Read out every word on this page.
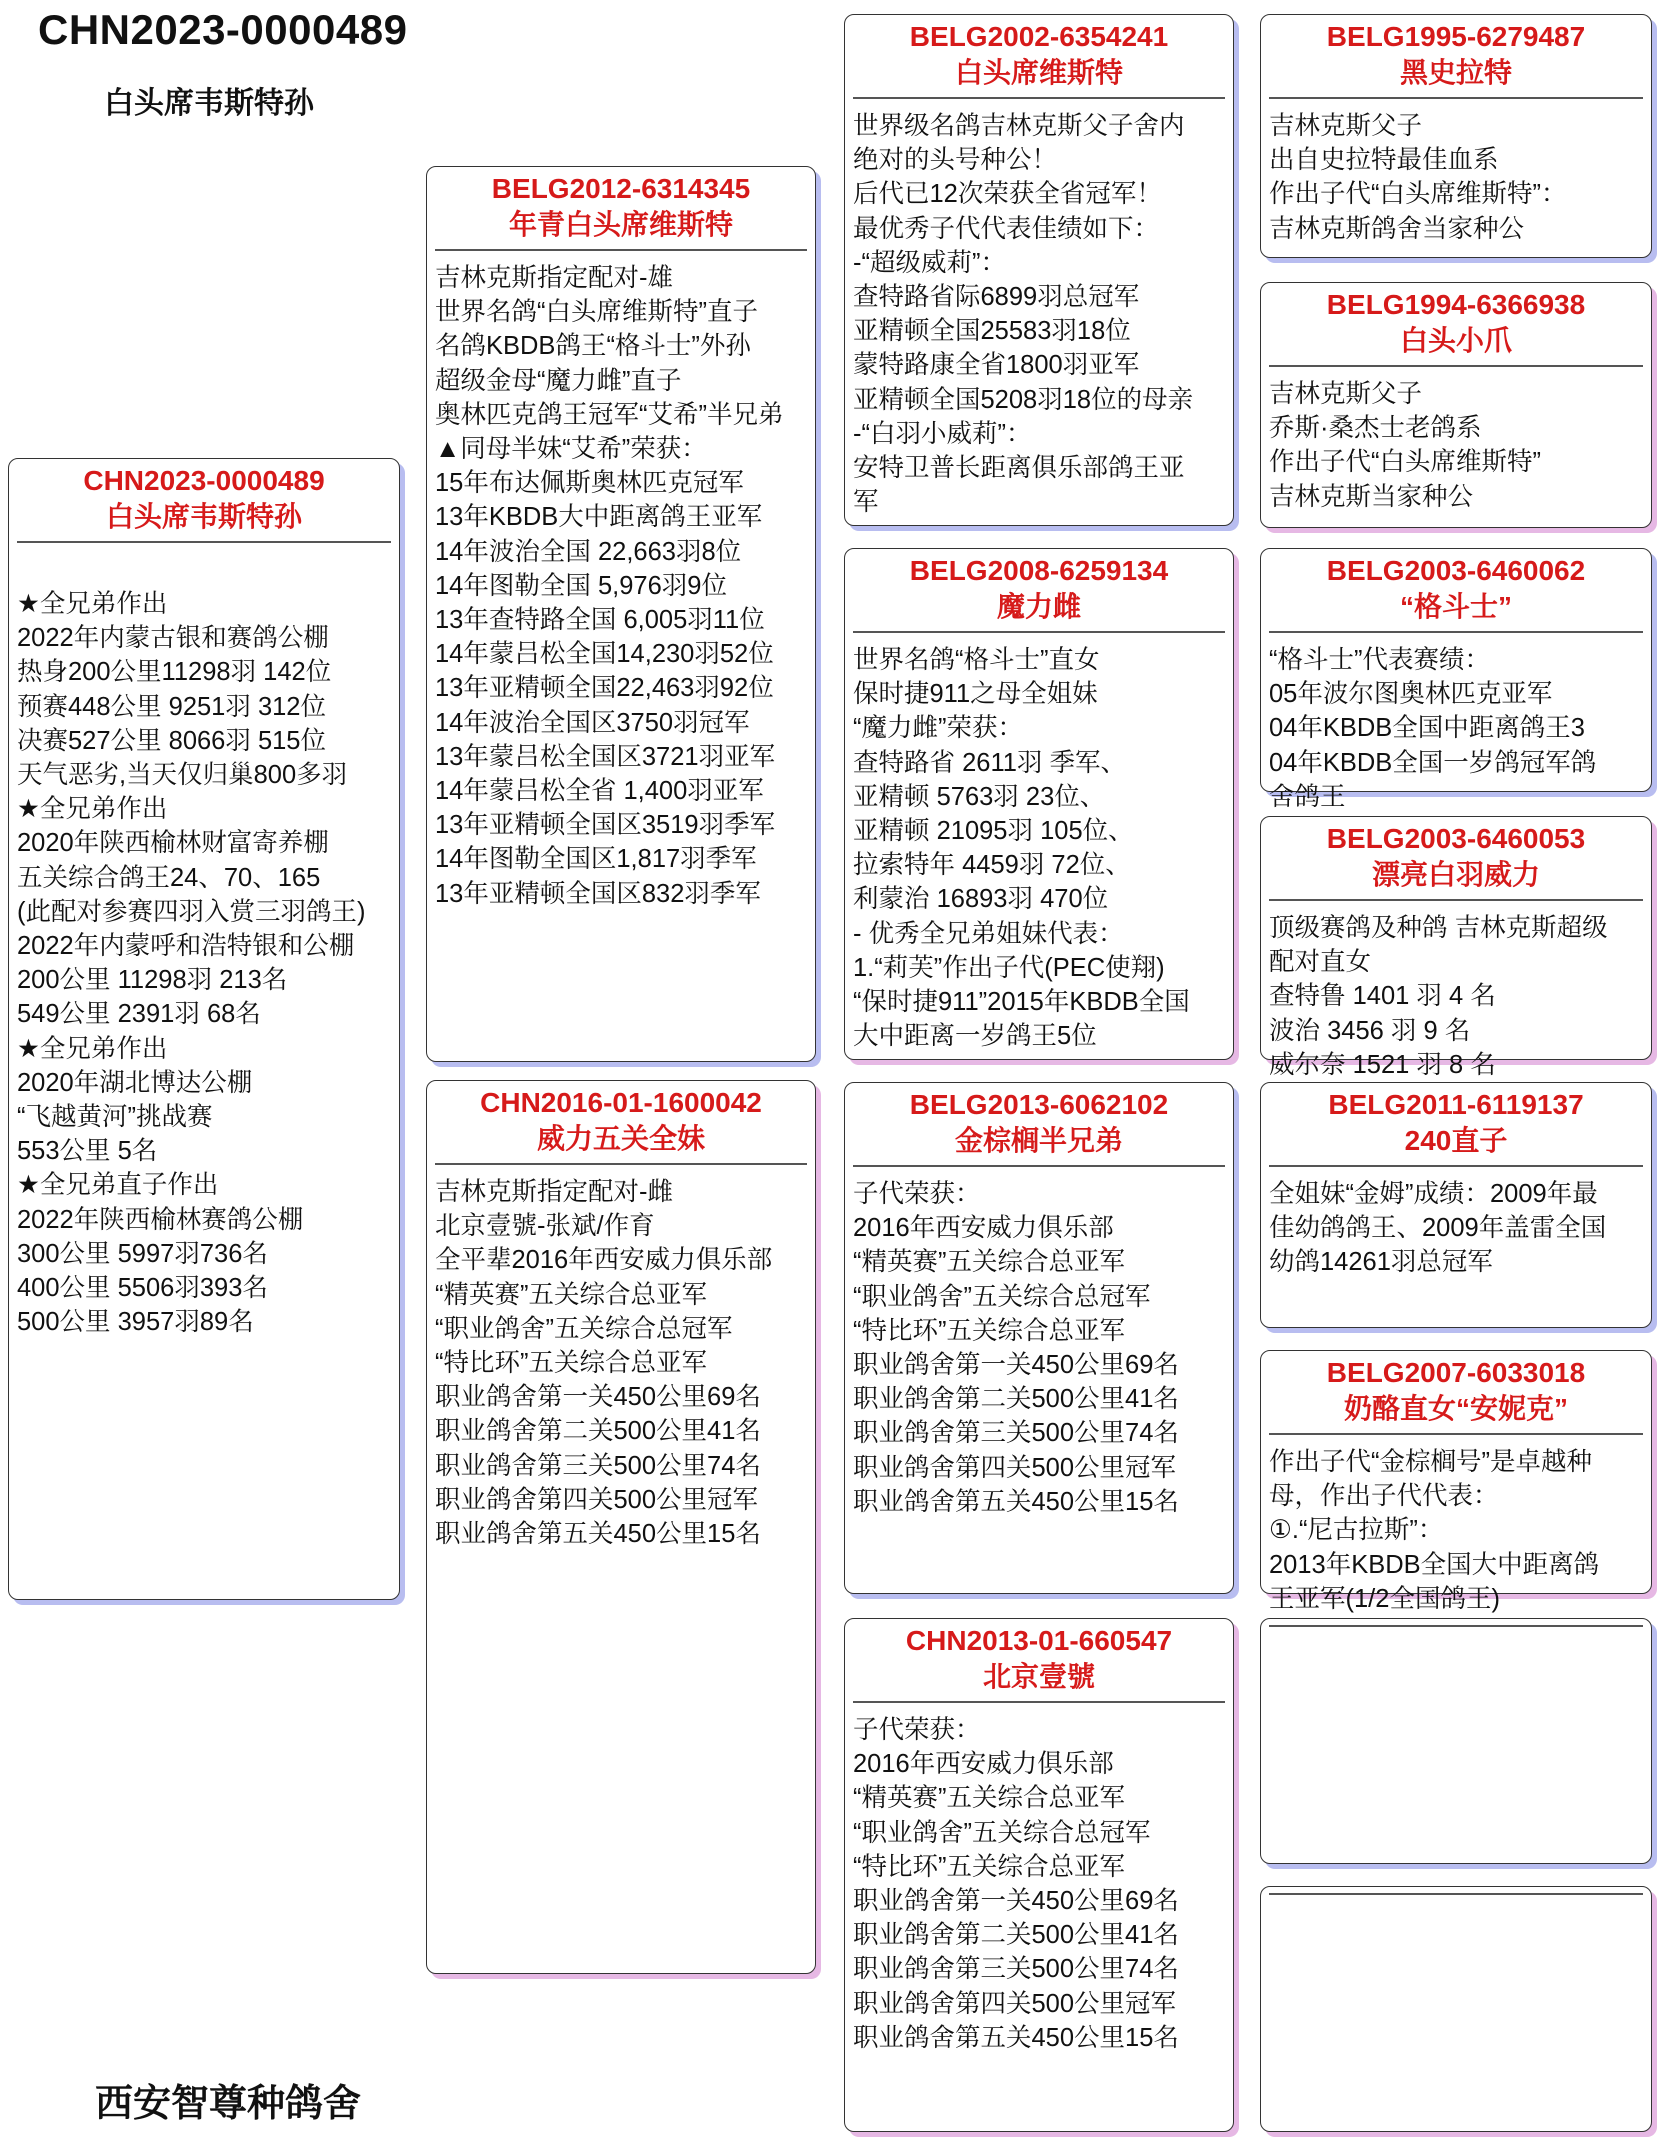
CHN2023-0000489
白头席韦斯特孙
CHN2023-0000489
白头席韦斯特孙
★全兄弟作出
2022年内蒙古银和赛鸽公棚
热身200公里11298羽 142位
预赛448公里 9251羽 312位
决赛527公里 8066羽 515位
天气恶劣,当天仅归巢800多羽
★全兄弟作出
2020年陕西榆林财富寄养棚
五关综合鸽王24、70、165
(此配对参赛四羽入赏三羽鸽王)
2022年内蒙呼和浩特银和公棚
200公里 11298羽 213名
549公里 2391羽 68名
★全兄弟作出
2020年湖北博达公棚
“飞越黄河”挑战赛
553公里 5名
★全兄弟直子作出
2022年陕西榆林赛鸽公棚
300公里 5997羽736名
400公里 5506羽393名
500公里 3957羽89名
BELG2012-6314345
年青白头席维斯特
吉林克斯指定配对-雄
世界名鸽“白头席维斯特”直子
名鸽KBDB鸽王“格斗士”外孙
超级金母“魔力雌”直子
奥林匹克鸽王冠军“艾希”半兄弟
▲同母半妹“艾希”荣获：
15年布达佩斯奥林匹克冠军
13年KBDB大中距离鸽王亚军
14年波治全国 22,663羽8位
14年图勒全国 5,976羽9位
13年查特路全国 6,005羽11位
14年蒙吕松全国14,230羽52位
13年亚精顿全国22,463羽92位
14年波治全国区3750羽冠军
13年蒙吕松全国区3721羽亚军
14年蒙吕松全省 1,400羽亚军
13年亚精顿全国区3519羽季军
14年图勒全国区1,817羽季军
13年亚精顿全国区832羽季军
CHN2016-01-1600042
威力五关全妹
吉林克斯指定配对-雌
北京壹號-张斌/作育
全平辈2016年西安威力俱乐部
“精英赛”五关综合总亚军
“职业鸽舍”五关综合总冠军
“特比环”五关综合总亚军
职业鸽舍第一关450公里69名
职业鸽舍第二关500公里41名
职业鸽舍第三关500公里74名
职业鸽舍第四关500公里冠军
职业鸽舍第五关450公里15名
BELG2002-6354241
白头席维斯特
世界级名鸽吉林克斯父子舍内
绝对的头号种公！
后代已12次荣获全省冠军！
最优秀子代代表佳绩如下：
-“超级威莉”：
查特路省际6899羽总冠军
亚精顿全国25583羽18位
蒙特路康全省1800羽亚军
亚精顿全国5208羽18位的母亲
-“白羽小威莉”：
安特卫普长距离俱乐部鸽王亚
军
BELG2008-6259134
魔力雌
世界名鸽“格斗士”直女
保时捷911之母全姐妹
“魔力雌”荣获：
查特路省 2611羽 季军、
亚精顿 5763羽 23位、
亚精顿 21095羽 105位、
拉索特年 4459羽 72位、
利蒙治 16893羽 470位
- 优秀全兄弟姐妹代表：
1.“莉芙”作出子代(PEC使翔)
“保时捷911”2015年KBDB全国
大中距离一岁鸽王5位
BELG2013-6062102
金棕榈半兄弟
子代荣获：
2016年西安威力俱乐部
“精英赛”五关综合总亚军
“职业鸽舍”五关综合总冠军
“特比环”五关综合总亚军
职业鸽舍第一关450公里69名
职业鸽舍第二关500公里41名
职业鸽舍第三关500公里74名
职业鸽舍第四关500公里冠军
职业鸽舍第五关450公里15名
CHN2013-01-660547
北京壹號
子代荣获：
2016年西安威力俱乐部
“精英赛”五关综合总亚军
“职业鸽舍”五关综合总冠军
“特比环”五关综合总亚军
职业鸽舍第一关450公里69名
职业鸽舍第二关500公里41名
职业鸽舍第三关500公里74名
职业鸽舍第四关500公里冠军
职业鸽舍第五关450公里15名
BELG1995-6279487
黑史拉特
吉林克斯父子
出自史拉特最佳血系
作出子代“白头席维斯特”：
吉林克斯鸽舍当家种公
BELG1994-6366938
白头小爪
吉林克斯父子
乔斯·桑杰士老鸽系
作出子代“白头席维斯特”
吉林克斯当家种公
BELG2003-6460062
“格斗士”
“格斗士”代表赛绩：
05年波尔图奥林匹克亚军
04年KBDB全国中距离鸽王3
04年KBDB全国一岁鸽冠军鸽
舍鸽王
BELG2003-6460053
漂亮白羽威力
顶级赛鸽及种鸽 吉林克斯超级
配对直女
查特鲁 1401 羽 4 名
波治 3456 羽 9 名
威尔奈 1521 羽 8 名
BELG2011-6119137
240直子
全姐妹“金姆”成绩：2009年最
佳幼鸽鸽王、2009年盖雷全国
幼鸽14261羽总冠军
BELG2007-6033018
奶酪直女“安妮克”
作出子代“金棕榈号”是卓越种
母，作出子代代表：
①.“尼古拉斯”：
2013年KBDB全国大中距离鸽
王亚军(1/2全国鸽王)
西安智尊种鸽舍
